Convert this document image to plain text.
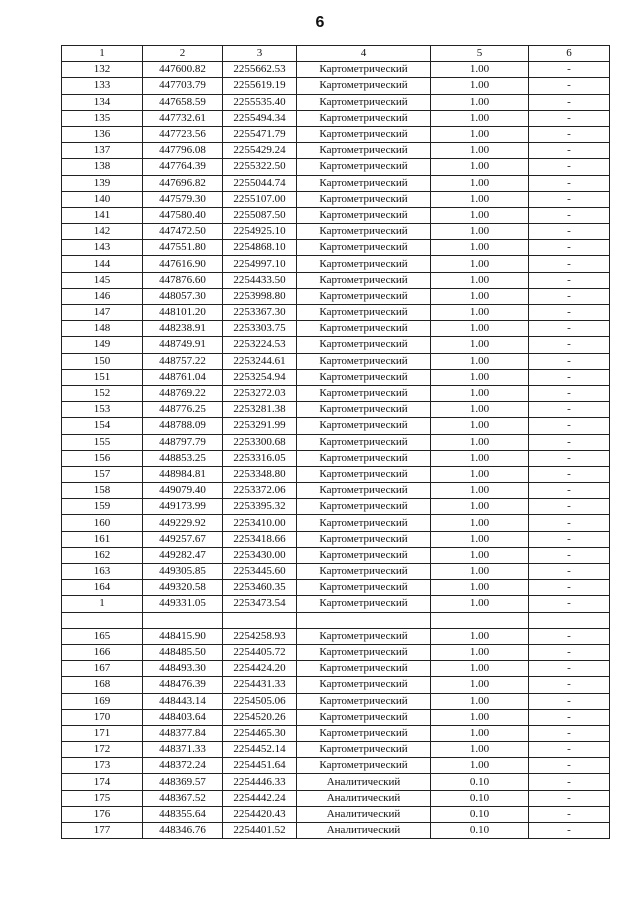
6
1	2	3	4	5	6
132	447600.82	2255662.53	Картометрический	1.00	-
133	447703.79	2255619.19	Картометрический	1.00	-
134	447658.59	2255535.40	Картометрический	1.00	-
135	447732.61	2255494.34	Картометрический	1.00	-
136	447723.56	2255471.79	Картометрический	1.00	-
137	447796.08	2255429.24	Картометрический	1.00	-
138	447764.39	2255322.50	Картометрический	1.00	-
139	447696.82	2255044.74	Картометрический	1.00	-
140	447579.30	2255107.00	Картометрический	1.00	-
141	447580.40	2255087.50	Картометрический	1.00	-
142	447472.50	2254925.10	Картометрический	1.00	-
143	447551.80	2254868.10	Картометрический	1.00	-
144	447616.90	2254997.10	Картометрический	1.00	-
145	447876.60	2254433.50	Картометрический	1.00	-
146	448057.30	2253998.80	Картометрический	1.00	-
147	448101.20	2253367.30	Картометрический	1.00	-
148	448238.91	2253303.75	Картометрический	1.00	-
149	448749.91	2253224.53	Картометрический	1.00	-
150	448757.22	2253244.61	Картометрический	1.00	-
151	448761.04	2253254.94	Картометрический	1.00	-
152	448769.22	2253272.03	Картометрический	1.00	-
153	448776.25	2253281.38	Картометрический	1.00	-
154	448788.09	2253291.99	Картометрический	1.00	-
155	448797.79	2253300.68	Картометрический	1.00	-
156	448853.25	2253316.05	Картометрический	1.00	-
157	448984.81	2253348.80	Картометрический	1.00	-
158	449079.40	2253372.06	Картометрический	1.00	-
159	449173.99	2253395.32	Картометрический	1.00	-
160	449229.92	2253410.00	Картометрический	1.00	-
161	449257.67	2253418.66	Картометрический	1.00	-
162	449282.47	2253430.00	Картометрический	1.00	-
163	449305.85	2253445.60	Картометрический	1.00	-
164	449320.58	2253460.35	Картометрический	1.00	-
1	449331.05	2253473.54	Картометрический	1.00	-

165	448415.90	2254258.93	Картометрический	1.00	-
166	448485.50	2254405.72	Картометрический	1.00	-
167	448493.30	2254424.20	Картометрический	1.00	-
168	448476.39	2254431.33	Картометрический	1.00	-
169	448443.14	2254505.06	Картометрический	1.00	-
170	448403.64	2254520.26	Картометрический	1.00	-
171	448377.84	2254465.30	Картометрический	1.00	-
172	448371.33	2254452.14	Картометрический	1.00	-
173	448372.24	2254451.64	Картометрический	1.00	-
174	448369.57	2254446.33	Аналитический	0.10	-
175	448367.52	2254442.24	Аналитический	0.10	-
176	448355.64	2254420.43	Аналитический	0.10	-
177	448346.76	2254401.52	Аналитический	0.10	-
